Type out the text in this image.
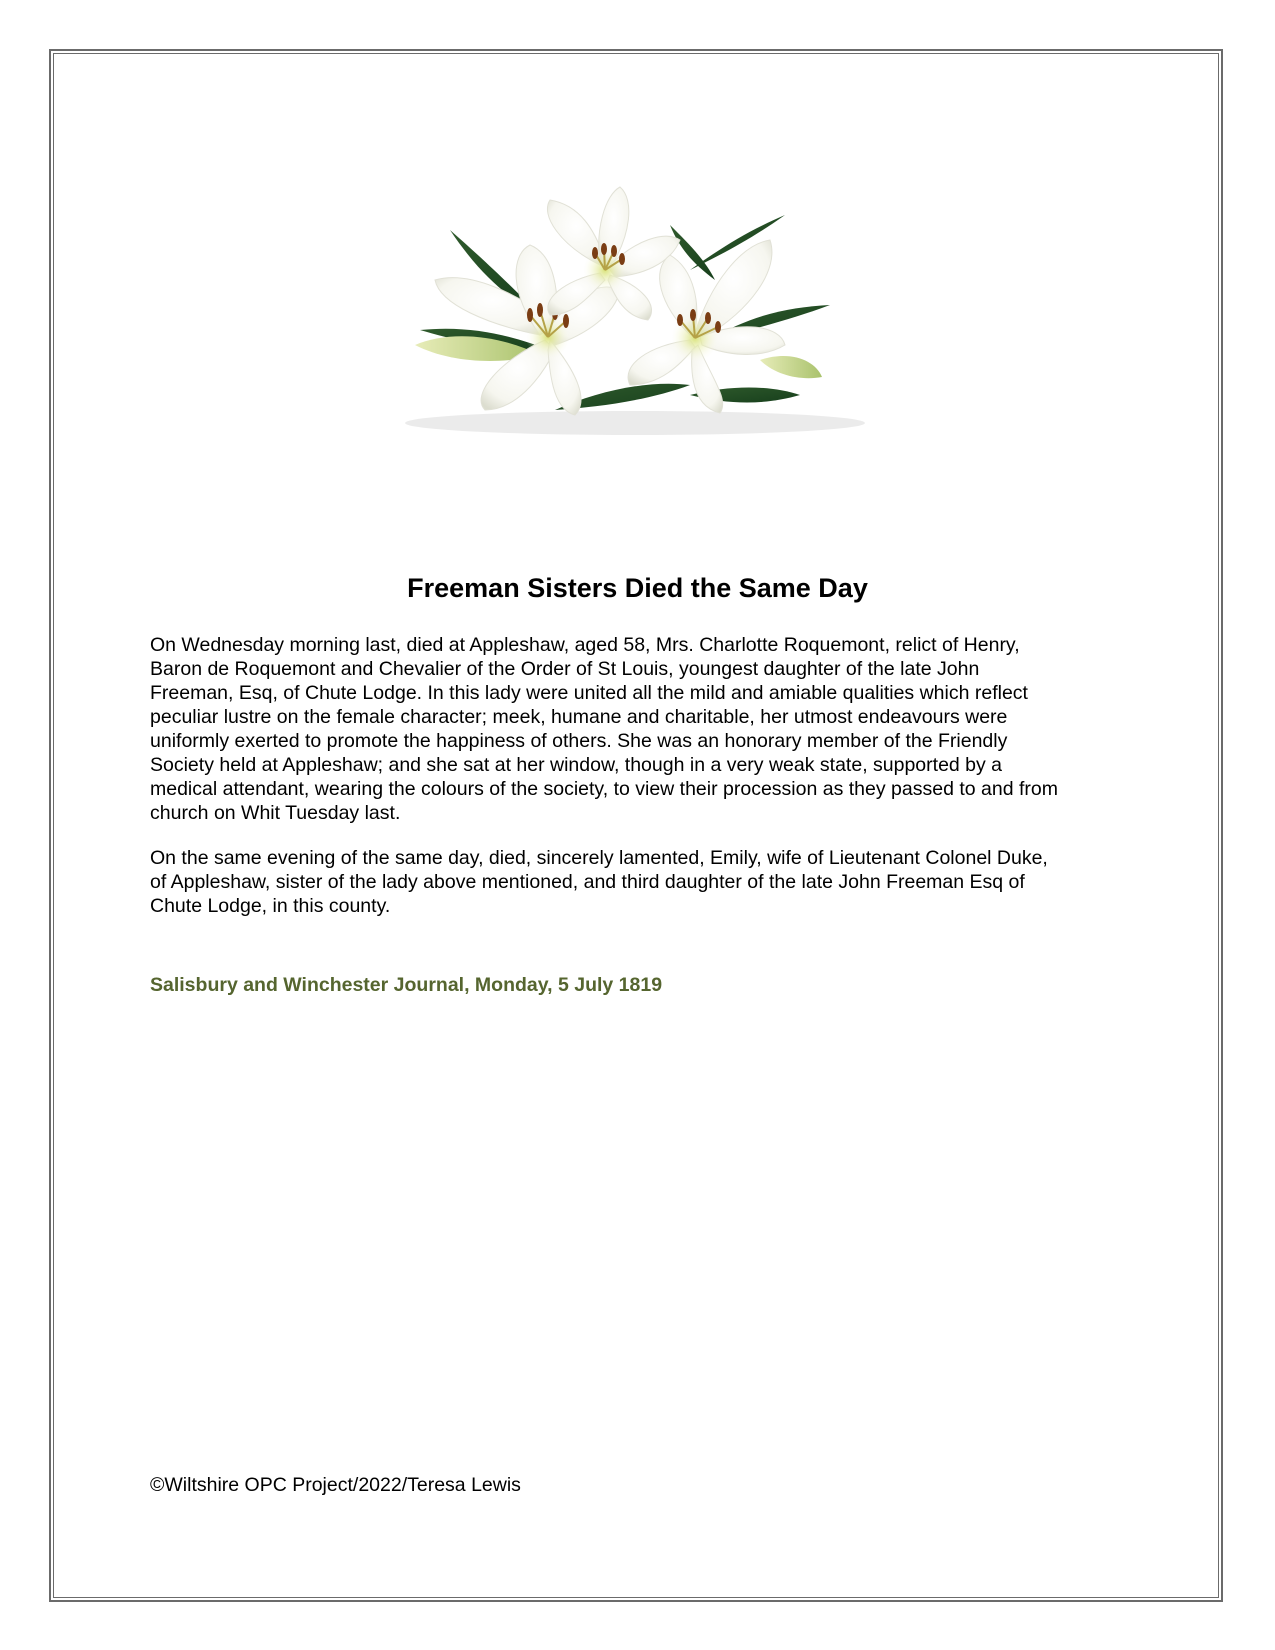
Freeman Sisters Died the Same Day

On Wednesday morning last, died at Appleshaw, aged 58, Mrs. Charlotte Roquemont, relict of Henry,
Baron de Roquemont and Chevalier of the Order of St Louis, youngest daughter of the late John
Freeman, Esq, of Chute Lodge. In this lady were united all the mild and amiable qualities which reflect
peculiar lustre on the female character; meek, humane and charitable, her utmost endeavours were
uniformly exerted to promote the happiness of others. She was an honorary member of the Friendly
Society held at Appleshaw; and she sat at her window, though in a very weak state, supported by a
medical attendant, wearing the colours of the society, to view their procession as they passed to and from
church on Whit Tuesday last.

On the same evening of the same day, died, sincerely lamented, Emily, wife of Lieutenant Colonel Duke,
of Appleshaw, sister of the lady above mentioned, and third daughter of the late John Freeman Esq of
Chute Lodge, in this county.

Salisbury and Winchester Journal, Monday, 5 July 1819

©Wiltshire OPC Project/2022/Teresa Lewis
